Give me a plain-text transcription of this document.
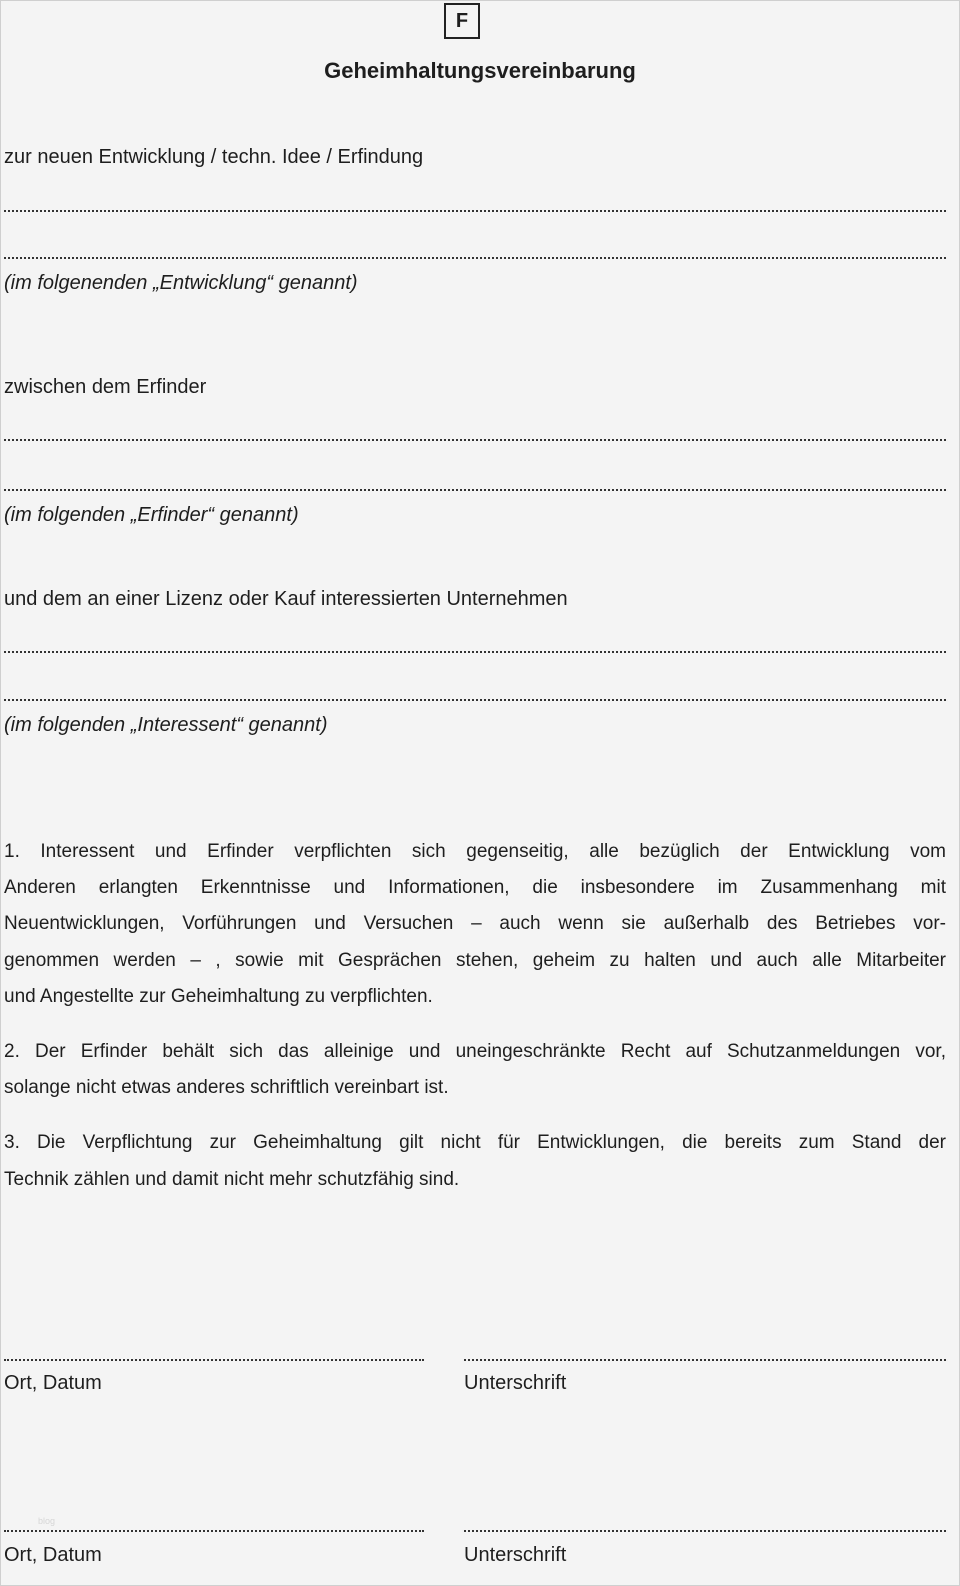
F
Geheimhaltungsvereinbarung
zur neuen Entwicklung / techn. Idee / Erfindung
(im folgenenden „Entwicklung“ genannt)
zwischen dem Erfinder
(im folgenden „Erfinder“ genannt)
und dem an einer Lizenz oder Kauf interessierten Unternehmen
(im folgenden „Interessent“ genannt)
1. Interessent und Erfinder verpflichten sich gegenseitig, alle bezüglich der Entwicklung vom
Anderen erlangten Erkenntnisse und Informationen, die insbesondere im Zusammenhang mit
Neuentwicklungen, Vorführungen und Versuchen – auch wenn sie außerhalb des Betriebes vor-
genommen werden – , sowie mit Gesprächen stehen, geheim zu halten und auch alle Mitarbeiter
und Angestellte zur Geheimhaltung zu verpflichten.
2. Der Erfinder behält sich das alleinige und uneingeschränkte Recht auf Schutzanmeldungen vor,
solange nicht etwas anderes schriftlich vereinbart ist.
3. Die Verpflichtung zur Geheimhaltung gilt nicht für Entwicklungen, die bereits zum Stand der
Technik zählen und damit nicht mehr schutzfähig sind.
Ort, Datum	Unterschrift
blog
Ort, Datum	Unterschrift
